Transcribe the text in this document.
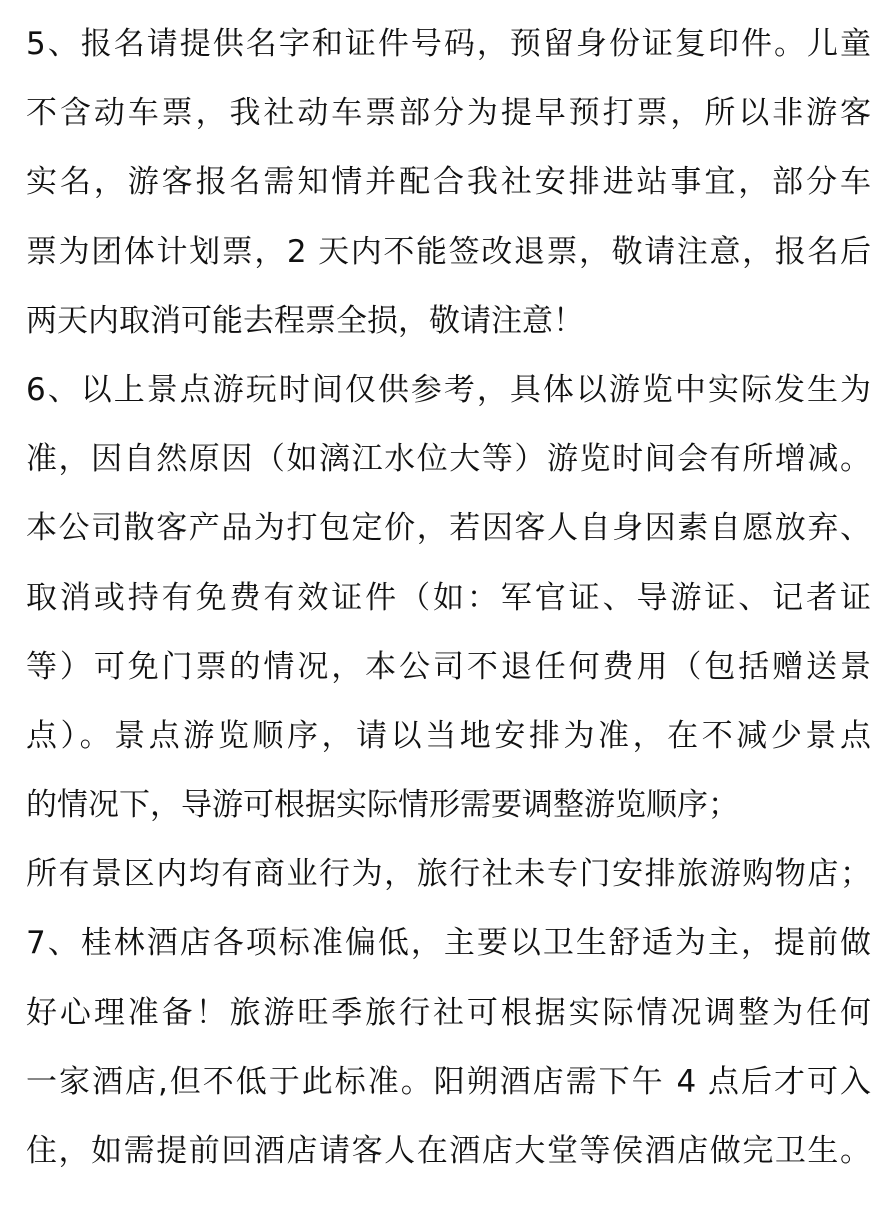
5、报名请提供名字和证件号码，预留身份证复印件。儿童
不含动车票，我社动车票部分为提早预打票，所以非游客
实名，游客报名需知情并配合我社安排进站事宜，部分车
票为团体计划票，2 天内不能签改退票，敬请注意，报名后
两天内取消可能去程票全损，敬请注意！
6、以上景点游玩时间仅供参考，具体以游览中实际发生为
准，因自然原因（如漓江水位大等）游览时间会有所增减。
本公司散客产品为打包定价，若因客人自身因素自愿放弃、
取消或持有免费有效证件（如：军官证、导游证、记者证
等）可免门票的情况，本公司不退任何费用（包括赠送景
点）。景点游览顺序，请以当地安排为准，在不减少景点
的情况下，导游可根据实际情形需要调整游览顺序；
所有景区内均有商业行为，旅行社未专门安排旅游购物店；
7、桂林酒店各项标准偏低，主要以卫生舒适为主，提前做
好心理准备！旅游旺季旅行社可根据实际情况调整为任何
一家酒店,但不低于此标准。阳朔酒店需下午 4 点后才可入
住，如需提前回酒店请客人在酒店大堂等侯酒店做完卫生。
